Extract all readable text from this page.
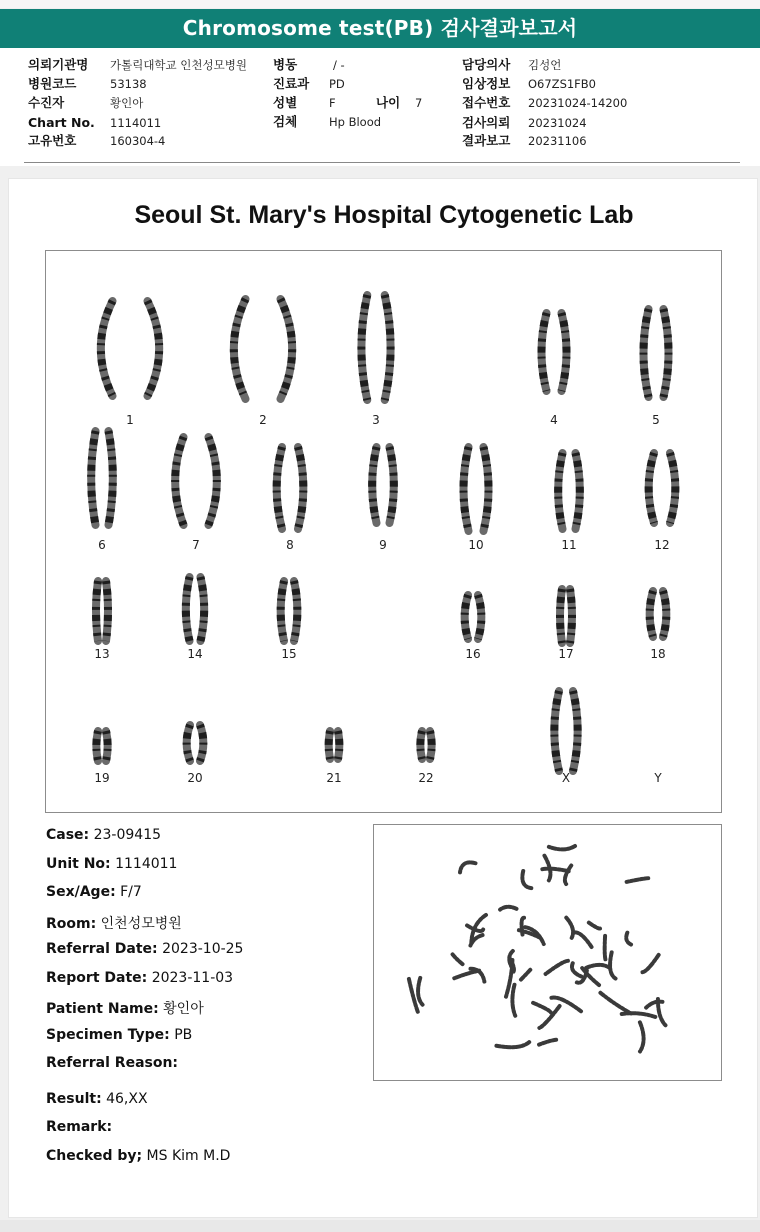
Chromosome test(PB) 검사결과보고서
의뢰기관명 가톨릭대학교 인천성모병원
병원코드	53138
수진자	황인아
Chart No. 1114011
고유번호	160304-4
병동	/ -
진료과 PD
성별	F	나이 7
검체	Hp Blood
담당의사 김성언
임상정보 O67ZS1FB0
접수번호 20231024-14200
검사의뢰 20231024
결과보고 20231106
Seoul St. Mary's Hospital Cytogenetic Lab
1	2	3	4	5
6	7	8	9	10	11	12
13	14	15	16	17	18
19	20	21	22	X	Y
Case: 23-09415
Unit No: 1114011
Sex/Age: F/7
Room: 인천성모병원
Referral Date: 2023-10-25
Report Date: 2023-11-03
Patient Name: 황인아
Specimen Type: PB
Referral Reason:
Result: 46,XX
Remark:
Checked by; MS Kim M.D
